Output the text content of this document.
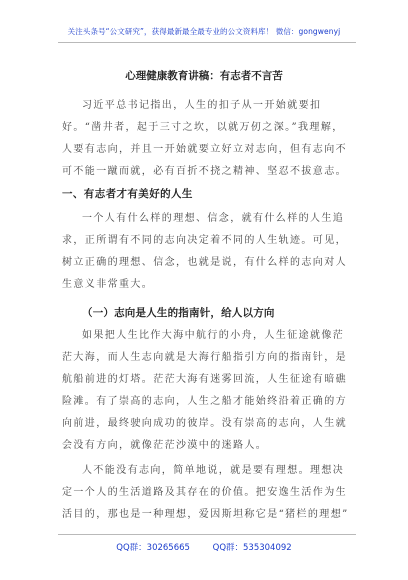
关注头条号“公文研究”，获得最新最全最专业的公文资料库！ 微信：gongwenyj
心理健康教育讲稿：有志者不言苦

习近平总书记指出，人生的扣子从一开始就要扣好。“凿井者，起于三寸之坎，以就万仞之深。”我理解，人要有志向，并且一开始就要立好立对志向，但有志向不可不能一蹴而就，必有百折不挠之精神、坚忍不拔意志。

一、有志者才有美好的人生

一个人有什么样的理想、信念，就有什么样的人生追求，正所谓有不同的志向决定着不同的人生轨迹。可见，树立正确的理想、信念，也就是说，有什么样的志向对人生意义非常重大。

（一）志向是人生的指南针，给人以方向

如果把人生比作大海中航行的小舟，人生征途就像茫茫大海，而人生志向就是大海行船指引方向的指南针，是航船前进的灯塔。茫茫大海有迷雾回流，人生征途有暗礁险滩。有了崇高的志向，人生之船才能始终沿着正确的方向前进，最终驶向成功的彼岸。没有崇高的志向，人生就会没有方向，就像茫茫沙漠中的迷路人。

人不能没有志向，简单地说，就是要有理想。理想决定一个人的生活道路及其存在的价值。把安逸生活作为生活目的，那也是一种理想，爱因斯坦称它是“猪栏的理想”

QQ群：30265665	QQ群：535304092
